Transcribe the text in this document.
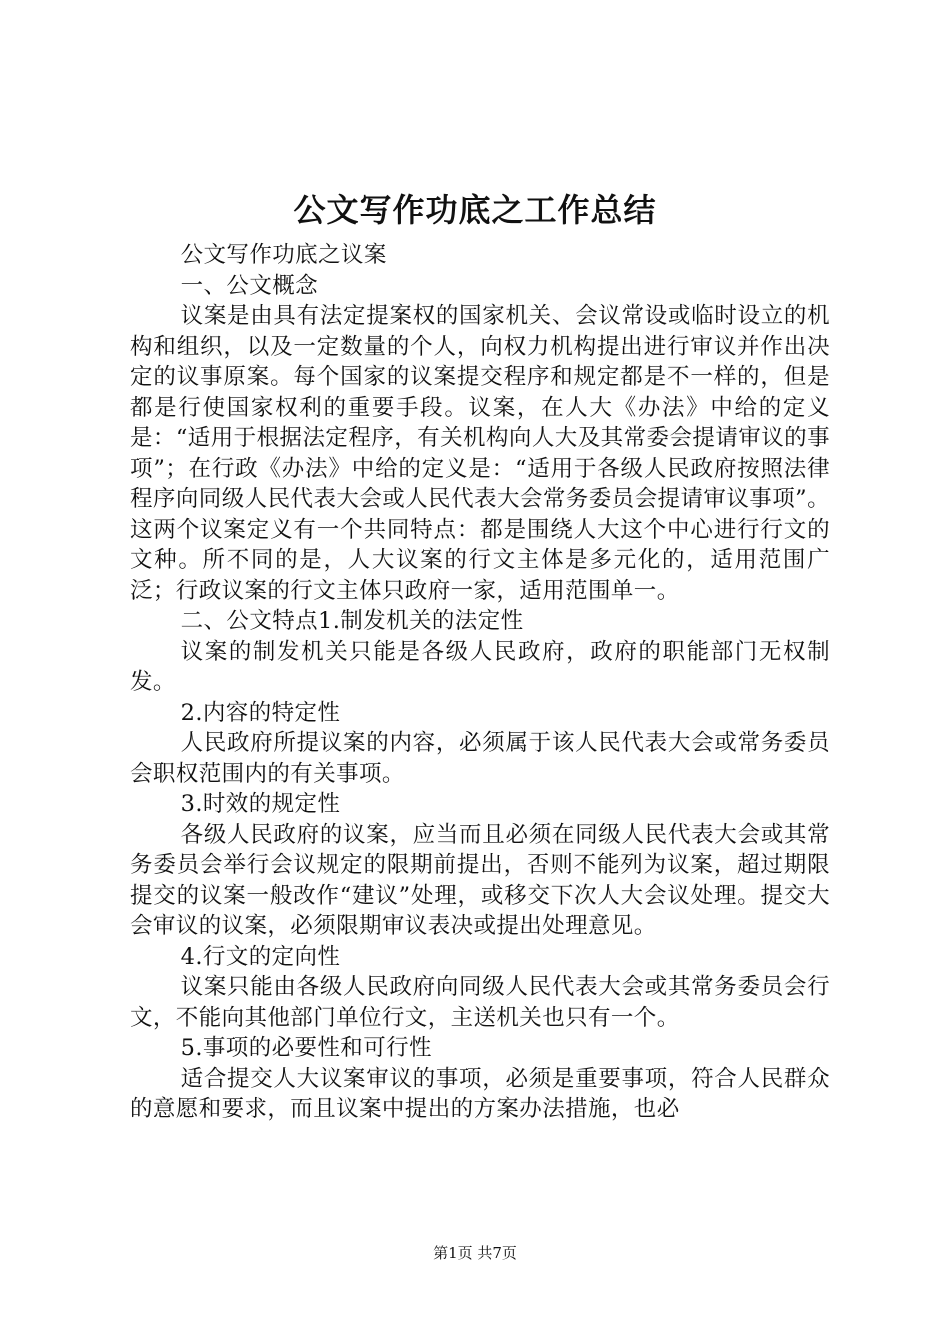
公文写作功底之工作总结

公文写作功底之议案

一、公文概念

议案是由具有法定提案权的国家机关、会议常设或临时设立的机构和组织，以及一定数量的个人，向权力机构提出进行审议并作出决定的议事原案。每个国家的议案提交程序和规定都是不一样的，但是都是行使国家权利的重要手段。议案，在人大《办法》中给的定义是：“适用于根据法定程序，有关机构向人大及其常委会提请审议的事项”；在行政《办法》中给的定义是：“适用于各级人民政府按照法律程序向同级人民代表大会或人民代表大会常务委员会提请审议事项”。这两个议案定义有一个共同特点：都是围绕人大这个中心进行行文的文种。所不同的是，人大议案的行文主体是多元化的，适用范围广泛；行政议案的行文主体只政府一家，适用范围单一。

二、公文特点1.制发机关的法定性

议案的制发机关只能是各级人民政府，政府的职能部门无权制发。

2.内容的特定性

人民政府所提议案的内容，必须属于该人民代表大会或常务委员会职权范围内的有关事项。

3.时效的规定性

各级人民政府的议案，应当而且必须在同级人民代表大会或其常务委员会举行会议规定的限期前提出，否则不能列为议案，超过期限提交的议案一般改作“建议”处理，或移交下次人大会议处理。提交大会审议的议案，必须限期审议表决或提出处理意见。

4.行文的定向性

议案只能由各级人民政府向同级人民代表大会或其常务委员会行文，不能向其他部门单位行文，主送机关也只有一个。

5.事项的必要性和可行性

适合提交人大议案审议的事项，必须是重要事项，符合人民群众的意愿和要求，而且议案中提出的方案办法措施，也必

第1页 共7页
